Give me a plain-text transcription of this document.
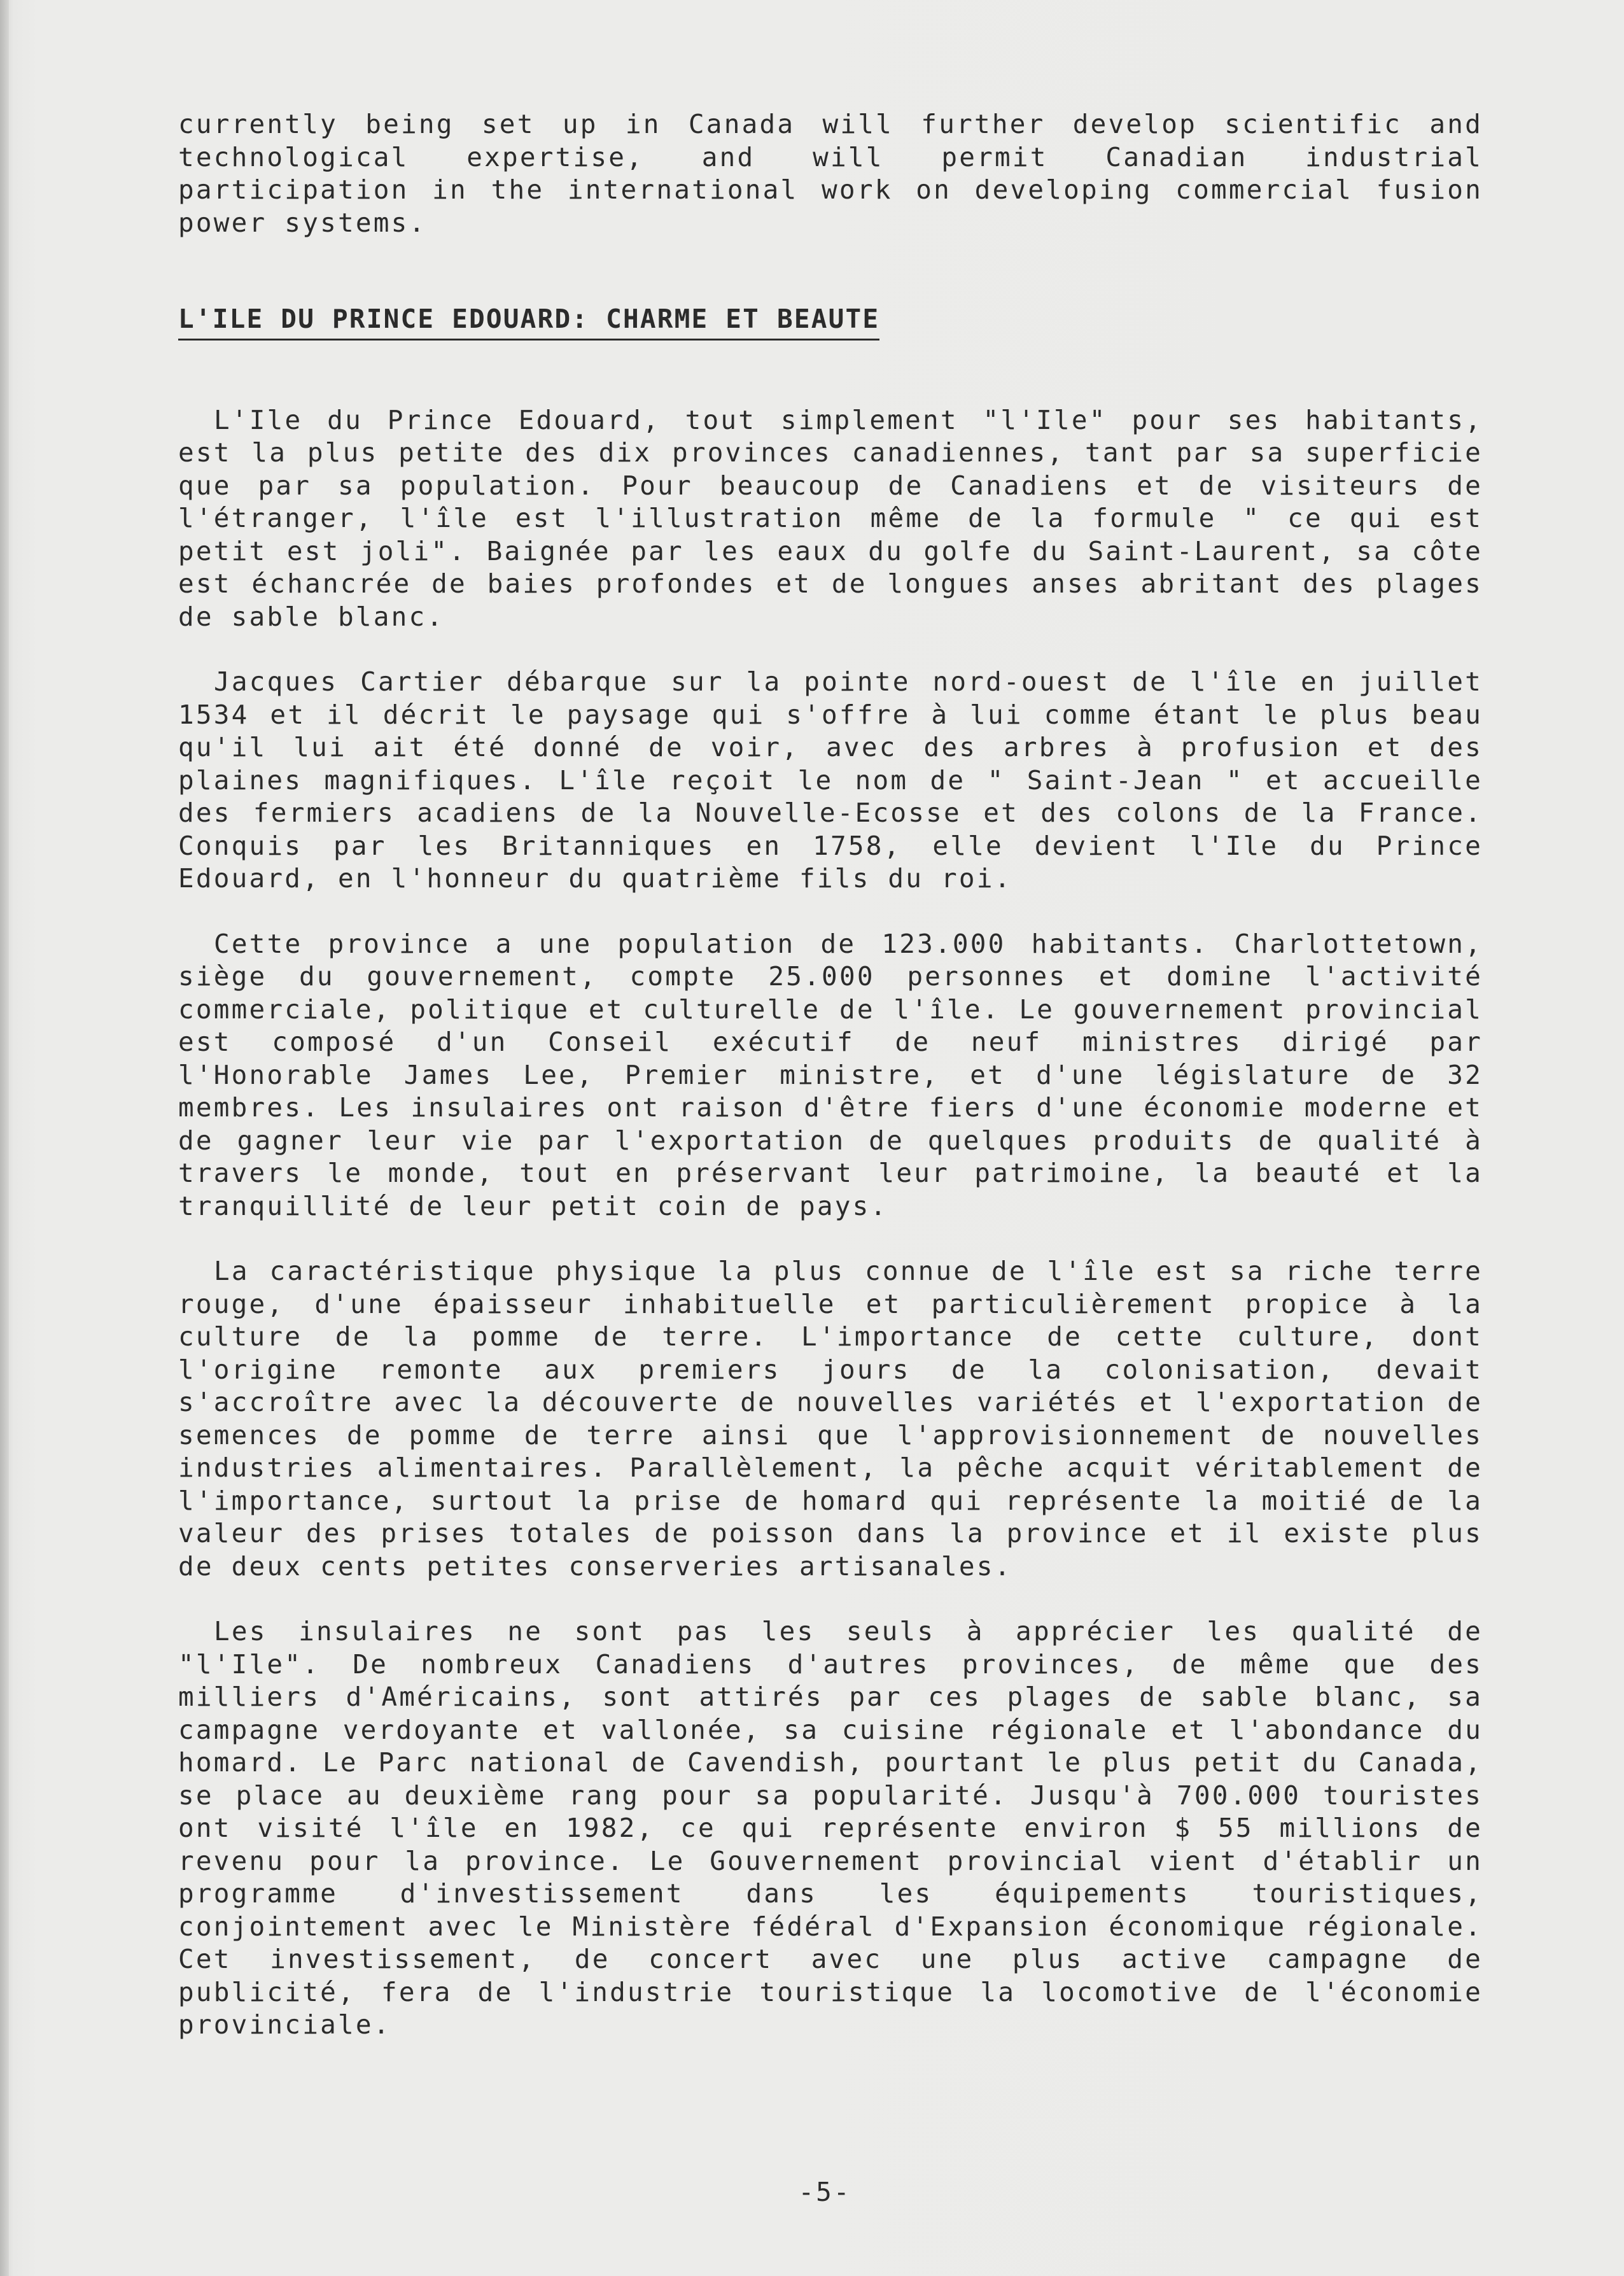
currently being set up in Canada will further develop scientific and technological expertise, and will permit Canadian industrial participation in the international work on developing commercial fusion power systems.

L'ILE DU PRINCE EDOUARD: CHARME ET BEAUTE

L'Ile du Prince Edouard, tout simplement "l'Ile" pour ses habitants, est la plus petite des dix provinces canadiennes, tant par sa superficie que par sa population. Pour beaucoup de Canadiens et de visiteurs de l'étranger, l'île est l'illustration même de la formule " ce qui est petit est joli". Baignée par les eaux du golfe du Saint-Laurent, sa côte est échancrée de baies profondes et de longues anses abritant des plages de sable blanc.

Jacques Cartier débarque sur la pointe nord-ouest de l'île en juillet 1534 et il décrit le paysage qui s'offre à lui comme étant le plus beau qu'il lui ait été donné de voir, avec des arbres à profusion et des plaines magnifiques. L'île reçoit le nom de " Saint-Jean " et accueille des fermiers acadiens de la Nouvelle-Ecosse et des colons de la France. Conquis par les Britanniques en 1758, elle devient l'Ile du Prince Edouard, en l'honneur du quatrième fils du roi.

Cette province a une population de 123.000 habitants. Charlottetown, siège du gouvernement, compte 25.000 personnes et domine l'activité commerciale, politique et culturelle de l'île. Le gouvernement provincial est composé d'un Conseil exécutif de neuf ministres dirigé par l'Honorable James Lee, Premier ministre, et d'une législature de 32 membres. Les insulaires ont raison d'être fiers d'une économie moderne et de gagner leur vie par l'exportation de quelques produits de qualité à travers le monde, tout en préservant leur patrimoine, la beauté et la tranquillité de leur petit coin de pays.

La caractéristique physique la plus connue de l'île est sa riche terre rouge, d'une épaisseur inhabituelle et particulièrement propice à la culture de la pomme de terre. L'importance de cette culture, dont l'origine remonte aux premiers jours de la colonisation, devait s'accroître avec la découverte de nouvelles variétés et l'exportation de semences de pomme de terre ainsi que l'approvisionnement de nouvelles industries alimentaires. Parallèlement, la pêche acquit véritablement de l'importance, surtout la prise de homard qui représente la moitié de la valeur des prises totales de poisson dans la province et il existe plus de deux cents petites conserveries artisanales.

Les insulaires ne sont pas les seuls à apprécier les qualité de "l'Ile". De nombreux Canadiens d'autres provinces, de même que des milliers d'Américains, sont attirés par ces plages de sable blanc, sa campagne verdoyante et vallonée, sa cuisine régionale et l'abondance du homard. Le Parc national de Cavendish, pourtant le plus petit du Canada, se place au deuxième rang pour sa popularité. Jusqu'à 700.000 touristes ont visité l'île en 1982, ce qui représente environ $ 55 millions de revenu pour la province. Le Gouvernement provincial vient d'établir un programme d'investissement dans les équipements touristiques, conjointement avec le Ministère fédéral d'Expansion économique régionale. Cet investissement, de concert avec une plus active campagne de publicité, fera de l'industrie touristique la locomotive de l'économie provinciale.

-5-
